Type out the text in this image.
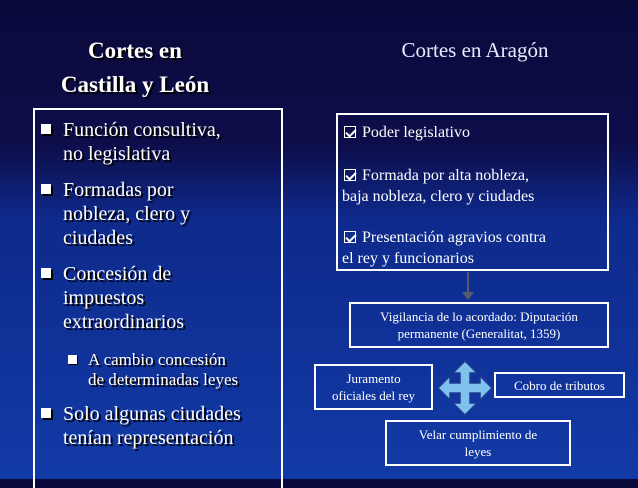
Cortes en
Castilla y León
Función consultiva,
no legislativa
Formadas por
nobleza, clero y
ciudades
Concesión de
impuestos
extraordinarios
A cambio concesión
de determinadas leyes
Solo algunas ciudades
tenían representación
Cortes en Aragón
Poder legislativo
Formada por alta nobleza,
baja nobleza, clero y ciudades
Presentación agravios contra
el rey y funcionarios
Vigilancia de lo acordado: Diputación
permanente (Generalitat, 1359)
Juramento
oficiales del rey
Cobro de tributos
Velar cumplimiento de
leyes
